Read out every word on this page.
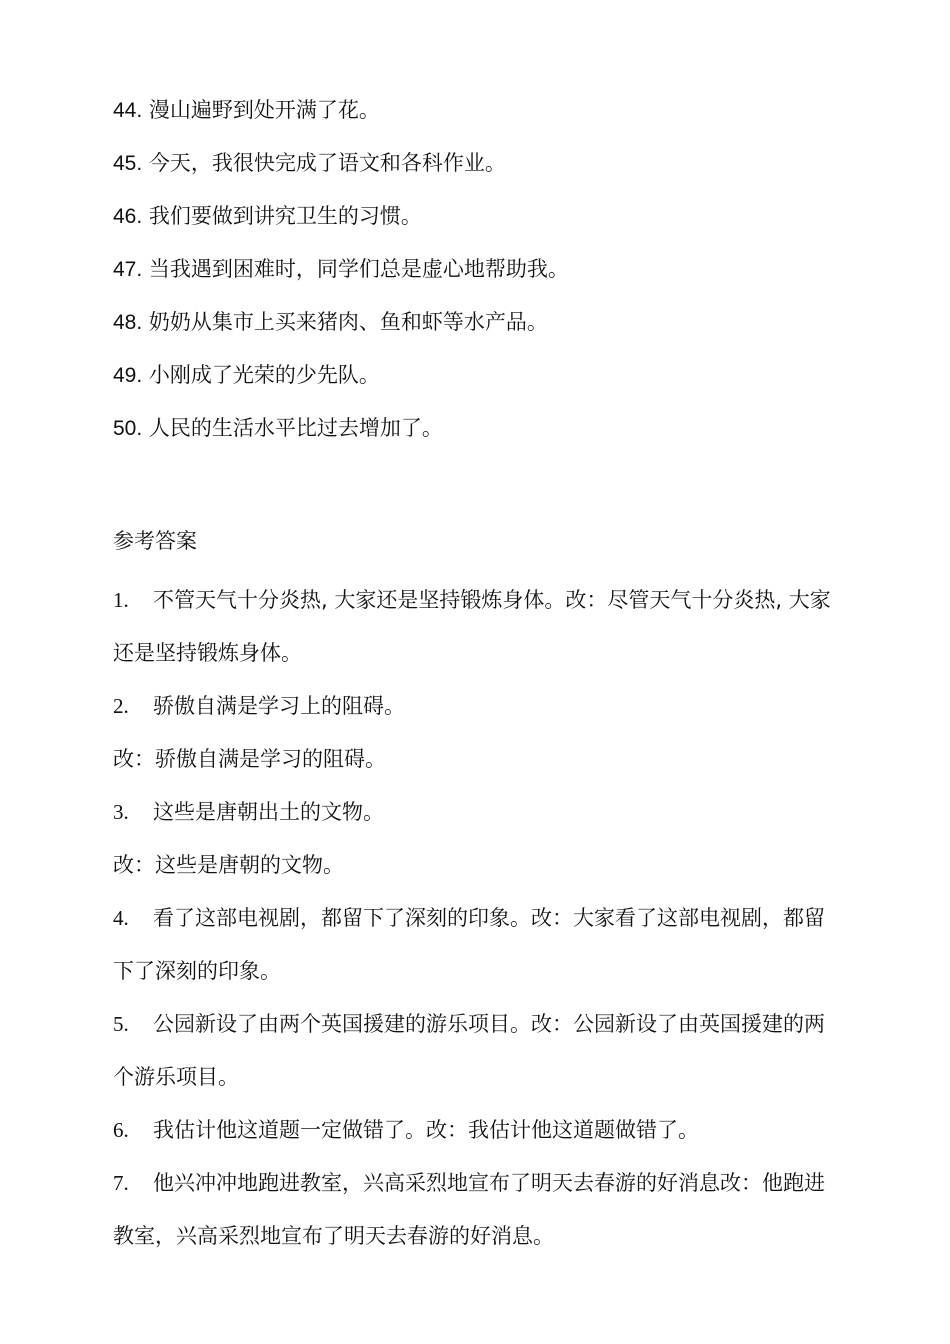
44. 漫山遍野到处开满了花。
45. 今天，我很快完成了语文和各科作业。
46. 我们要做到讲究卫生的习惯。
47. 当我遇到困难时，同学们总是虚心地帮助我。
48. 奶奶从集市上买来猪肉、鱼和虾等水产品。
49. 小刚成了光荣的少先队。
50. 人民的生活水平比过去增加了。
参考答案
1. 不管天气十分炎热, 大家还是坚持锻炼身体。改：尽管天气十分炎热, 大家还是坚持锻炼身体。
2. 骄傲自满是学习上的阻碍。
改：骄傲自满是学习的阻碍。
3. 这些是唐朝出土的文物。
改：这些是唐朝的文物。
4. 看了这部电视剧，都留下了深刻的印象。改：大家看了这部电视剧，都留下了深刻的印象。
5. 公园新设了由两个英国援建的游乐项目。改：公园新设了由英国援建的两个游乐项目。
6. 我估计他这道题一定做错了。改：我估计他这道题做错了。
7. 他兴冲冲地跑进教室，兴高采烈地宣布了明天去春游的好消息改：他跑进教室，兴高采烈地宣布了明天去春游的好消息。
